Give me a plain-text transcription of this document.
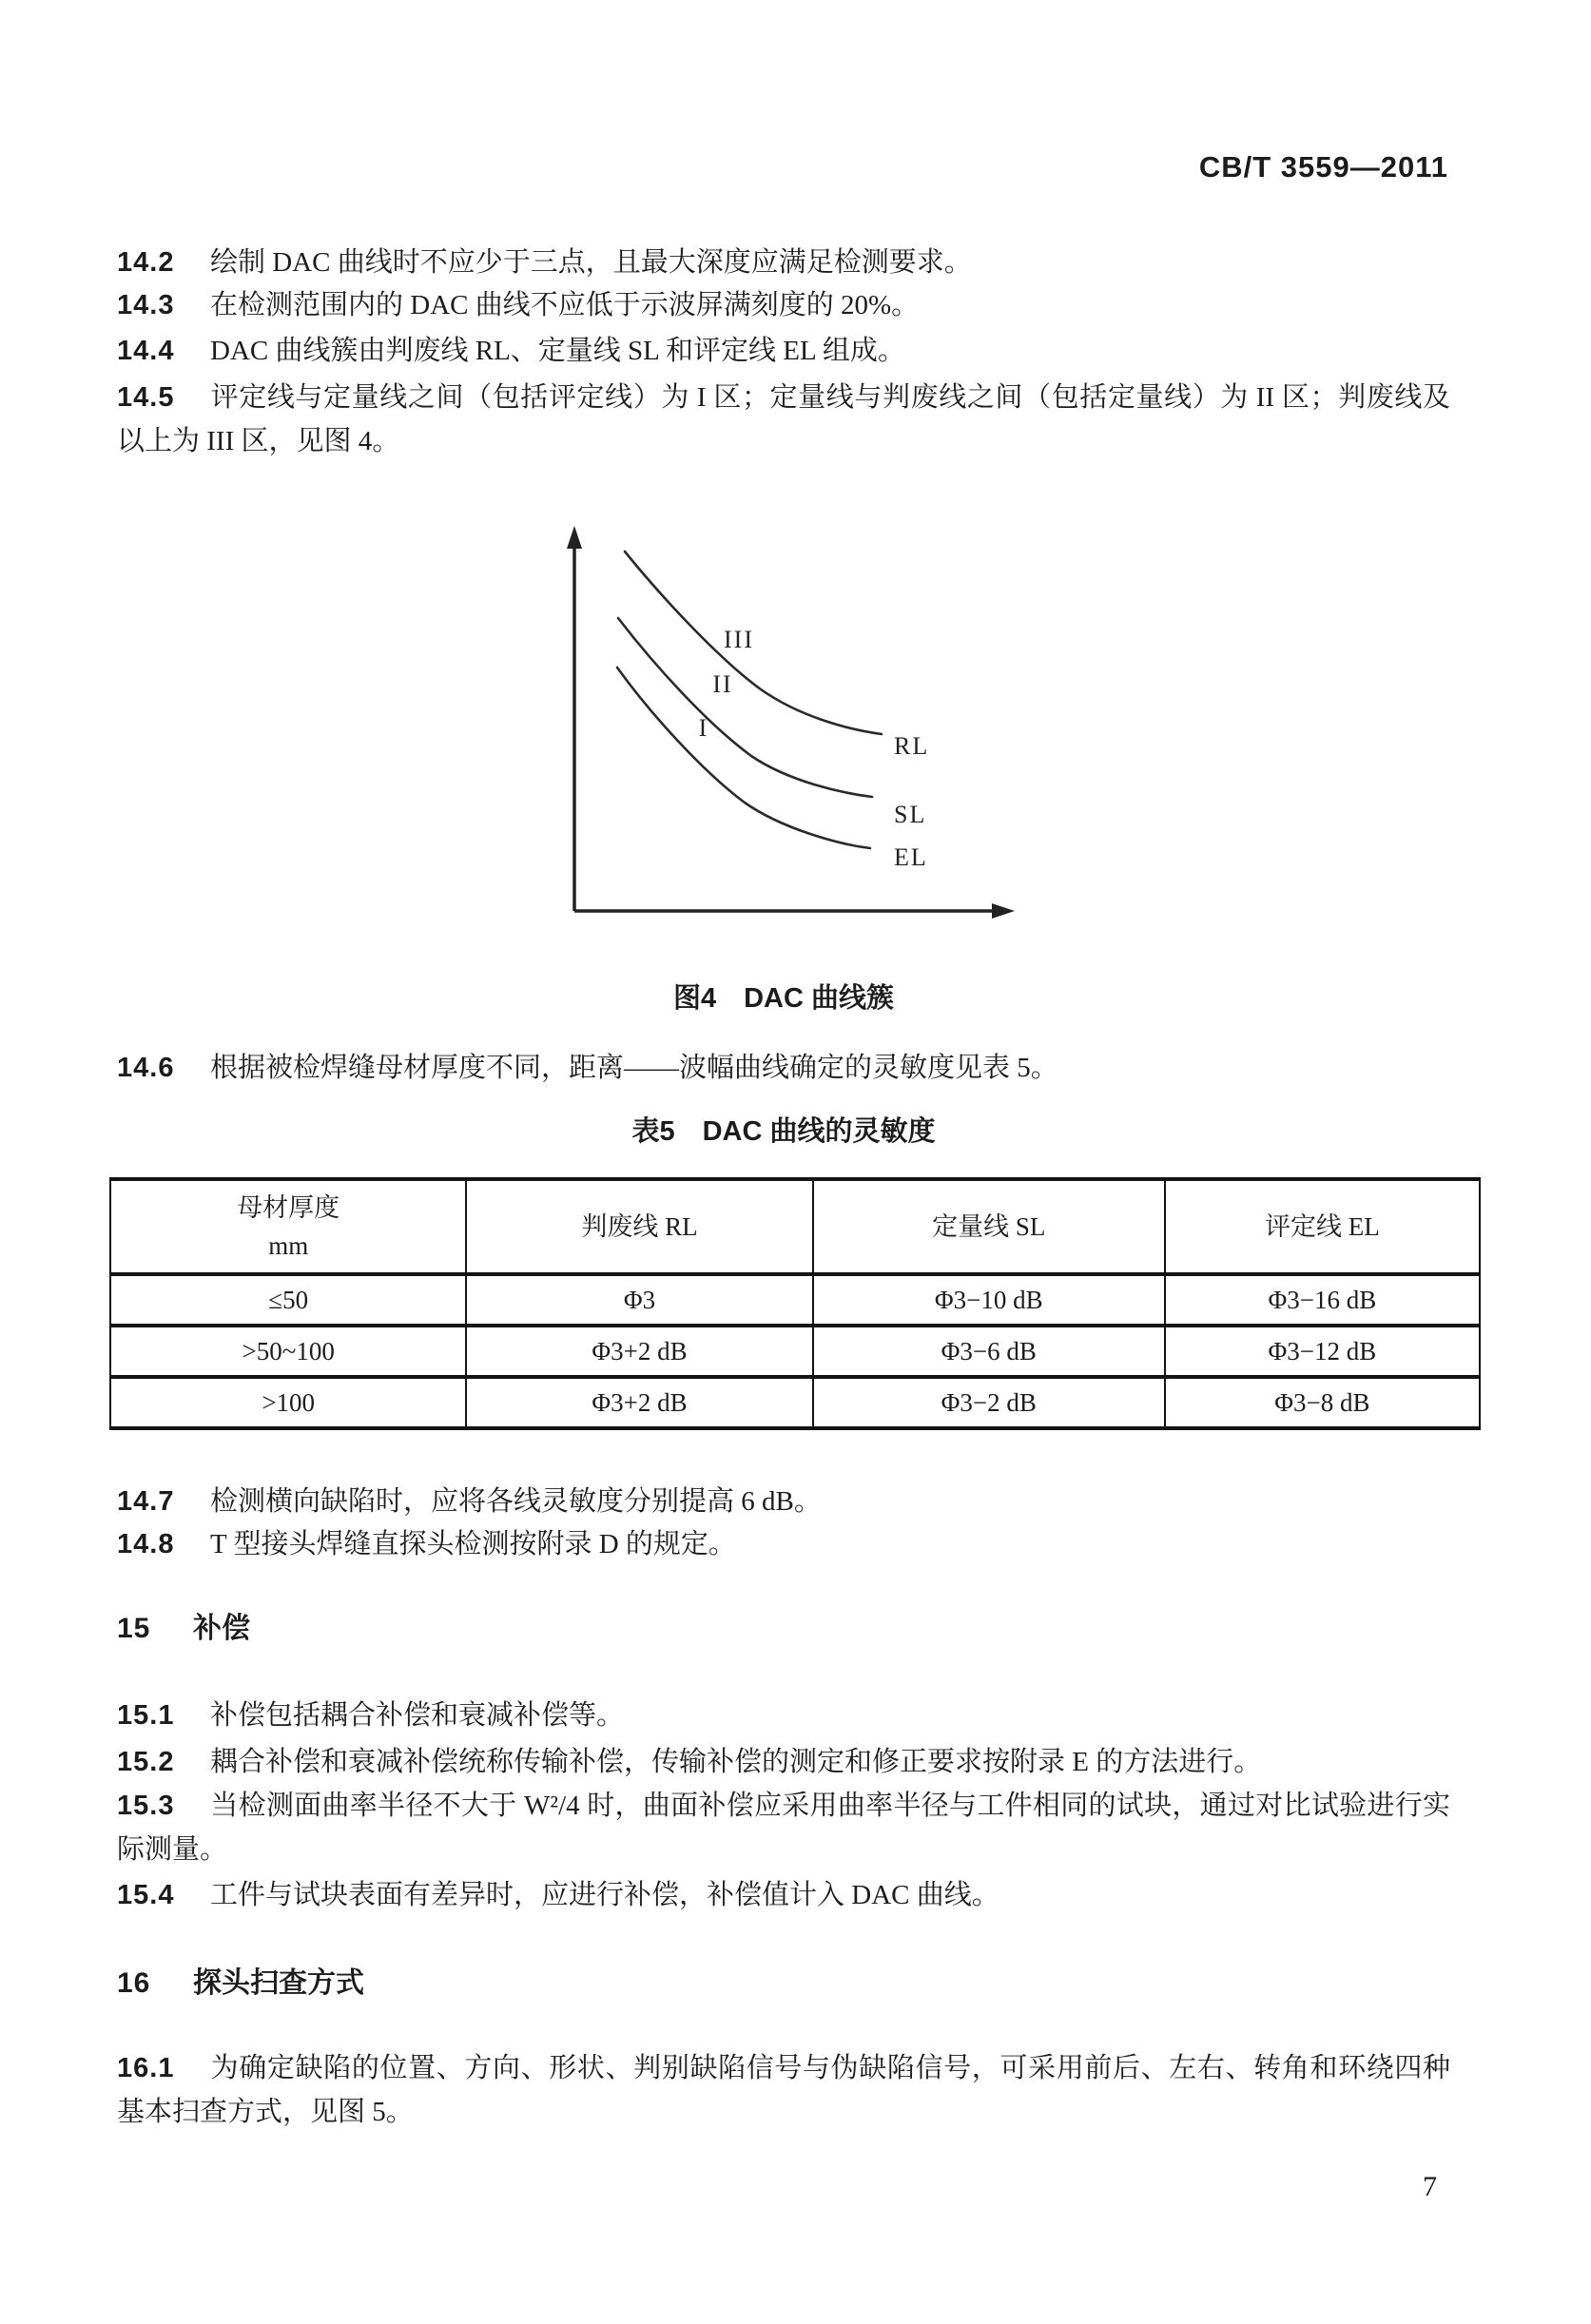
CB/T 3559—2011
14.2 绘制 DAC 曲线时不应少于三点，且最大深度应满足检测要求。
14.3 在检测范围内的 DAC 曲线不应低于示波屏满刻度的 20%。
14.4 DAC 曲线簇由判废线 RL、定量线 SL 和评定线 EL 组成。
14.5 评定线与定量线之间（包括评定线）为 I 区；定量线与判废线之间（包括定量线）为 II 区；判废线及以上为 III 区，见图 4。
III
II
I
RL
SL
EL
图4　DAC 曲线簇
14.6 根据被检焊缝母材厚度不同，距离——波幅曲线确定的灵敏度见表 5。
表5　DAC 曲线的灵敏度
母材厚度
mm	判废线 RL	定量线 SL	评定线 EL
≤50	Φ3	Φ3−10 dB	Φ3−16 dB
>50~100	Φ3+2 dB	Φ3−6 dB	Φ3−12 dB
>100	Φ3+2 dB	Φ3−2 dB	Φ3−8 dB
14.7 检测横向缺陷时，应将各线灵敏度分别提高 6 dB。
14.8 T 型接头焊缝直探头检测按附录 D 的规定。
15 补偿
15.1 补偿包括耦合补偿和衰减补偿等。
15.2 耦合补偿和衰减补偿统称传输补偿，传输补偿的测定和修正要求按附录 E 的方法进行。
15.3 当检测面曲率半径不大于 W²/4 时，曲面补偿应采用曲率半径与工件相同的试块，通过对比试验进行实际测量。
15.4 工件与试块表面有差异时，应进行补偿，补偿值计入 DAC 曲线。
16 探头扫查方式
16.1 为确定缺陷的位置、方向、形状、判别缺陷信号与伪缺陷信号，可采用前后、左右、转角和环绕四种基本扫查方式，见图 5。
7
